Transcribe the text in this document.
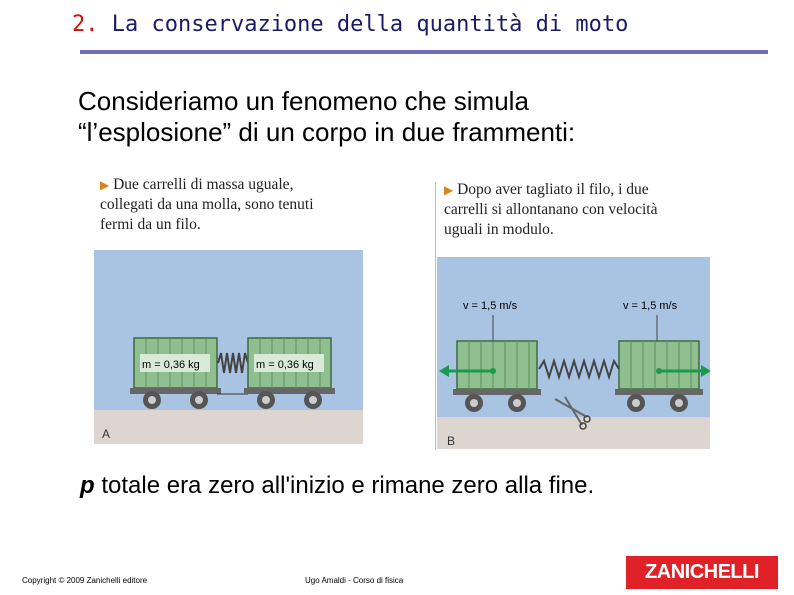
2. La conservazione della quantità di moto
Consideriamo un fenomeno che simula
“l’esplosione” di un corpo in due frammenti:
▶ Due carrelli di massa uguale,
collegati da una molla, sono tenuti
fermi da un filo.
▶ Dopo aver tagliato il filo, i due
carrelli si allontanano con velocità
uguali in modulo.
m = 0,36 kg	m = 0,36 kg
A
v = 1,5 m/s	v = 1,5 m/s
B
p totale era zero all'inizio e rimane zero alla fine.
Copyright © 2009 Zanichelli editore	Ugo Amaldi - Corso di fisica	ZANICHELLI
